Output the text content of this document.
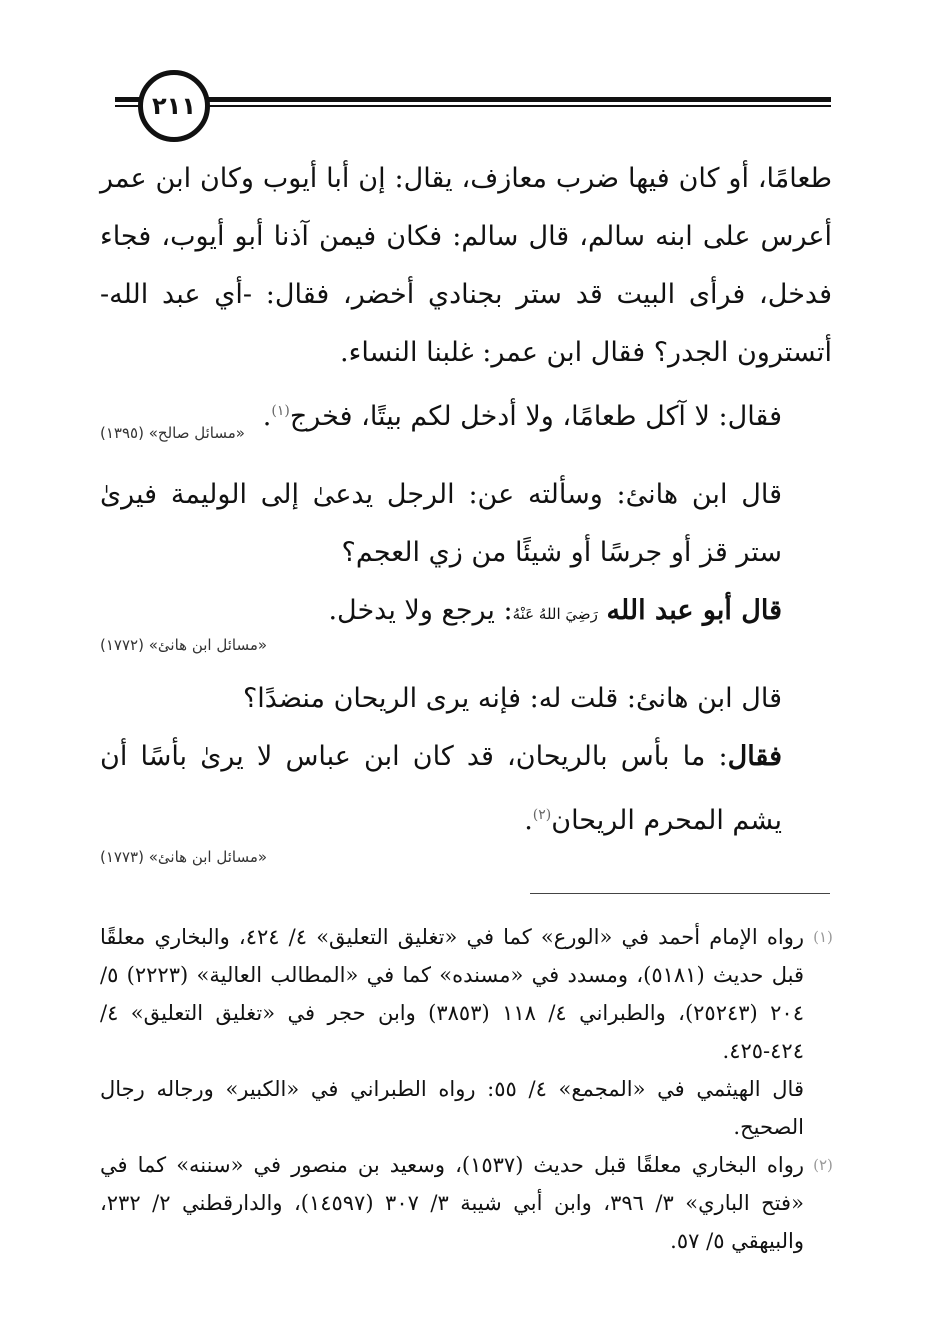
٢١١

طعامًا، أو كان فيها ضرب معازف، يقال: إن أبا أيوب وكان ابن عمر أعرس على ابنه سالم، قال سالم: فكان فيمن آذنا أبو أيوب، فجاء فدخل، فرأى البيت قد ستر بجنادي أخضر، فقال: -أي عبد الله- أتسترون الجدر؟ فقال ابن عمر: غلبنا النساء.

فقال: لا آكل طعامًا، ولا أدخل لكم بيتًا، فخرج$^{(١)}$.

«مسائل صالح» (١٣٩٥)

قال ابن هانئ: وسألته عن: الرجل يدعىٰ إلى الوليمة فيرىٰ ستر قز أو جرسًا أو شيئًا من زي العجم؟

قال أبو عبد الله رَضِيَ اللهُ عَنْهُ: يرجع ولا يدخل.

«مسائل ابن هانئ» (١٧٧٢)

قال ابن هانئ: قلت له: فإنه يرى الريحان منضدًا؟

فقال: ما بأس بالريحان، قد كان ابن عباس لا يرىٰ بأسًا أن يشم المحرم الريحان$^{(٢)}$.

«مسائل ابن هانئ» (١٧٧٣)
(١)
رواه الإمام أحمد في «الورع» كما في «تغليق التعليق» ٤/ ٤٢٤، والبخاري معلقًا قبل حديث (٥١٨١)، ومسدد في «مسنده» كما في «المطالب العالية» (٢٢٢٣) ٥/ ٢٠٤ (٢٥٢٤٣)، والطبراني ٤/ ١١٨ (٣٨٥٣) وابن حجر في «تغليق التعليق» ٤/ ٤٢٤-٤٢٥.
قال الهيثمي في «المجمع» ٤/ ٥٥: رواه الطبراني في «الكبير» ورجاله رجال الصحيح.
(٢)
رواه البخاري معلقًا قبل حديث (١٥٣٧)، وسعيد بن منصور في «سننه» كما في «فتح الباري» ٣/ ٣٩٦، وابن أبي شيبة ٣/ ٣٠٧ (١٤٥٩٧)، والدارقطني ٢/ ٢٣٢، والبيهقي ٥/ ٥٧.
